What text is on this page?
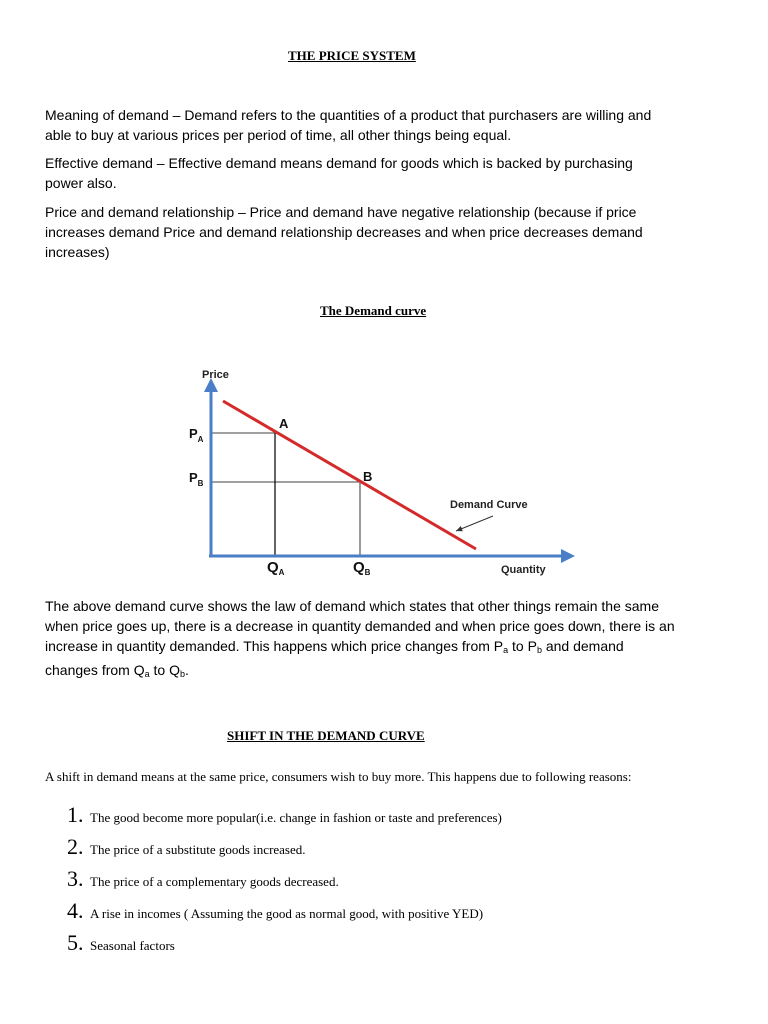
THE PRICE SYSTEM

Meaning of demand – Demand refers to the quantities of a product that purchasers are willing and
able to buy at various prices per period of time, all other things being equal.

Effective demand – Effective demand means demand for goods which is backed by purchasing
power also.

Price and demand relationship – Price and demand have negative relationship (because if price
increases demand Price and demand relationship decreases and when price decreases demand
increases)

The Demand curve

Price
Quantity
Demand Curve
A
B
$P_A$
$P_B$
$Q_A$	$Q_B$

The above demand curve shows the law of demand which states that other things remain the same
when price goes up, there is a decrease in quantity demanded and when price goes down, there is an
increase in quantity demanded. This happens which price changes from $P_a$ to $P_b$ and demand
changes from $Q_a$ to $Q_b$.

SHIFT IN THE DEMAND CURVE

A shift in demand means at the same price, consumers wish to buy more. This happens due to following reasons:

1. The good become more popular(i.e. change in fashion or taste and preferences)
2. The price of a substitute goods increased.
3. The price of a complementary goods decreased.
4. A rise in incomes ( Assuming the good as normal good, with positive YED)
5. Seasonal factors
